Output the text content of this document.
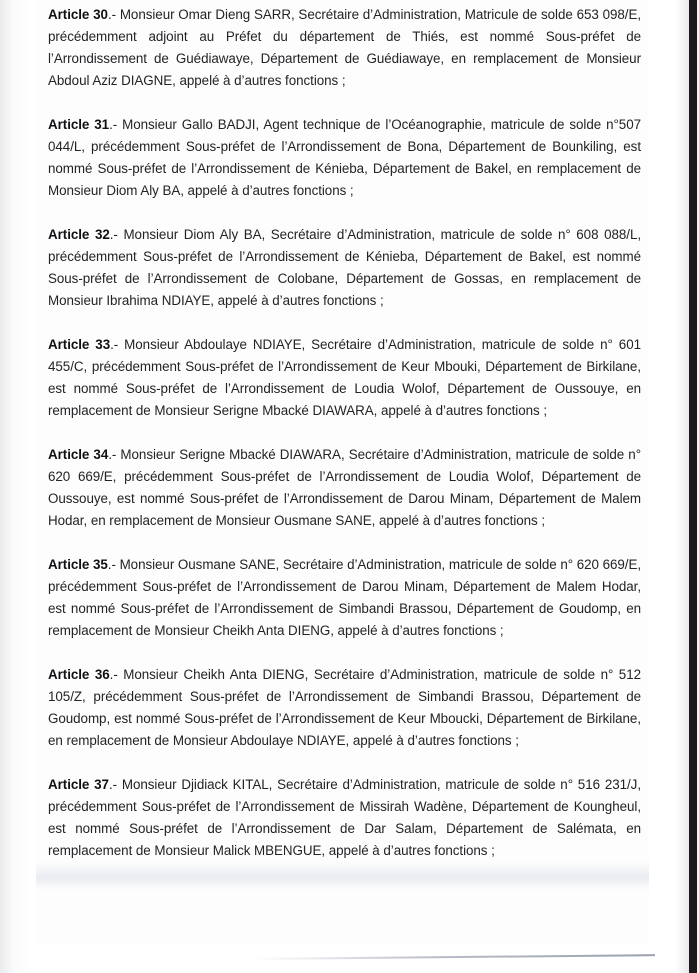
Article 30.- Monsieur Omar Dieng SARR, Secrétaire d’Administration, Matricule de solde 653 098/E, précédemment adjoint au Préfet du département de Thiés, est nommé Sous-préfet de l’Arrondissement de Guédiawaye, Département de Guédiawaye, en remplacement de Monsieur Abdoul Aziz DIAGNE, appelé à d’autres fonctions ;

Article 31.- Monsieur Gallo BADJI, Agent technique de l’Océanographie, matricule de solde n°507 044/L, précédemment Sous-préfet de l’Arrondissement de Bona, Département de Bounkiling, est nommé Sous-préfet de l’Arrondissement de Kénieba, Département de Bakel, en remplacement de Monsieur Diom Aly BA, appelé à d’autres fonctions ;

Article 32.- Monsieur Diom Aly BA, Secrétaire d’Administration, matricule de solde n° 608 088/L, précédemment Sous-préfet de l’Arrondissement de Kénieba, Département de Bakel, est nommé Sous-préfet de l’Arrondissement de Colobane, Département de Gossas, en remplacement de Monsieur Ibrahima NDIAYE, appelé à d’autres fonctions ;

Article 33.- Monsieur Abdoulaye NDIAYE, Secrétaire d’Administration, matricule de solde n° 601 455/C, précédemment Sous-préfet de l’Arrondissement de Keur Mbouki, Département de Birkilane, est nommé Sous-préfet de l’Arrondissement de Loudia Wolof, Département de Oussouye, en remplacement de Monsieur Serigne Mbacké DIAWARA, appelé à d’autres fonctions ;

Article 34.- Monsieur Serigne Mbacké DIAWARA, Secrétaire d’Administration, matricule de solde n° 620 669/E, précédemment Sous-préfet de l’Arrondissement de Loudia Wolof, Département de Oussouye, est nommé Sous-préfet de l’Arrondissement de Darou Minam, Département de Malem Hodar, en remplacement de Monsieur Ousmane SANE, appelé à d’autres fonctions ;

Article 35.- Monsieur Ousmane SANE, Secrétaire d’Administration, matricule de solde n° 620 669/E, précédemment Sous-préfet de l’Arrondissement de Darou Minam, Département de Malem Hodar, est nommé Sous-préfet de l’Arrondissement de Simbandi Brassou, Département de Goudomp, en remplacement de Monsieur Cheikh Anta DIENG, appelé à d’autres fonctions ;

Article 36.- Monsieur Cheikh Anta DIENG, Secrétaire d’Administration, matricule de solde n° 512 105/Z, précédemment Sous-préfet de l’Arrondissement de Simbandi Brassou, Département de Goudomp, est nommé Sous-préfet de l’Arrondissement de Keur Mboucki, Département de Birkilane, en remplacement de Monsieur Abdoulaye NDIAYE, appelé à d’autres fonctions ;

Article 37.- Monsieur Djidiack KITAL, Secrétaire d’Administration, matricule de solde n° 516 231/J, précédemment Sous-préfet de l’Arrondissement de Missirah Wadène, Département de Koungheul, est nommé Sous-préfet de l’Arrondissement de Dar Salam, Département de Salémata, en remplacement de Monsieur Malick MBENGUE, appelé à d’autres fonctions ;
